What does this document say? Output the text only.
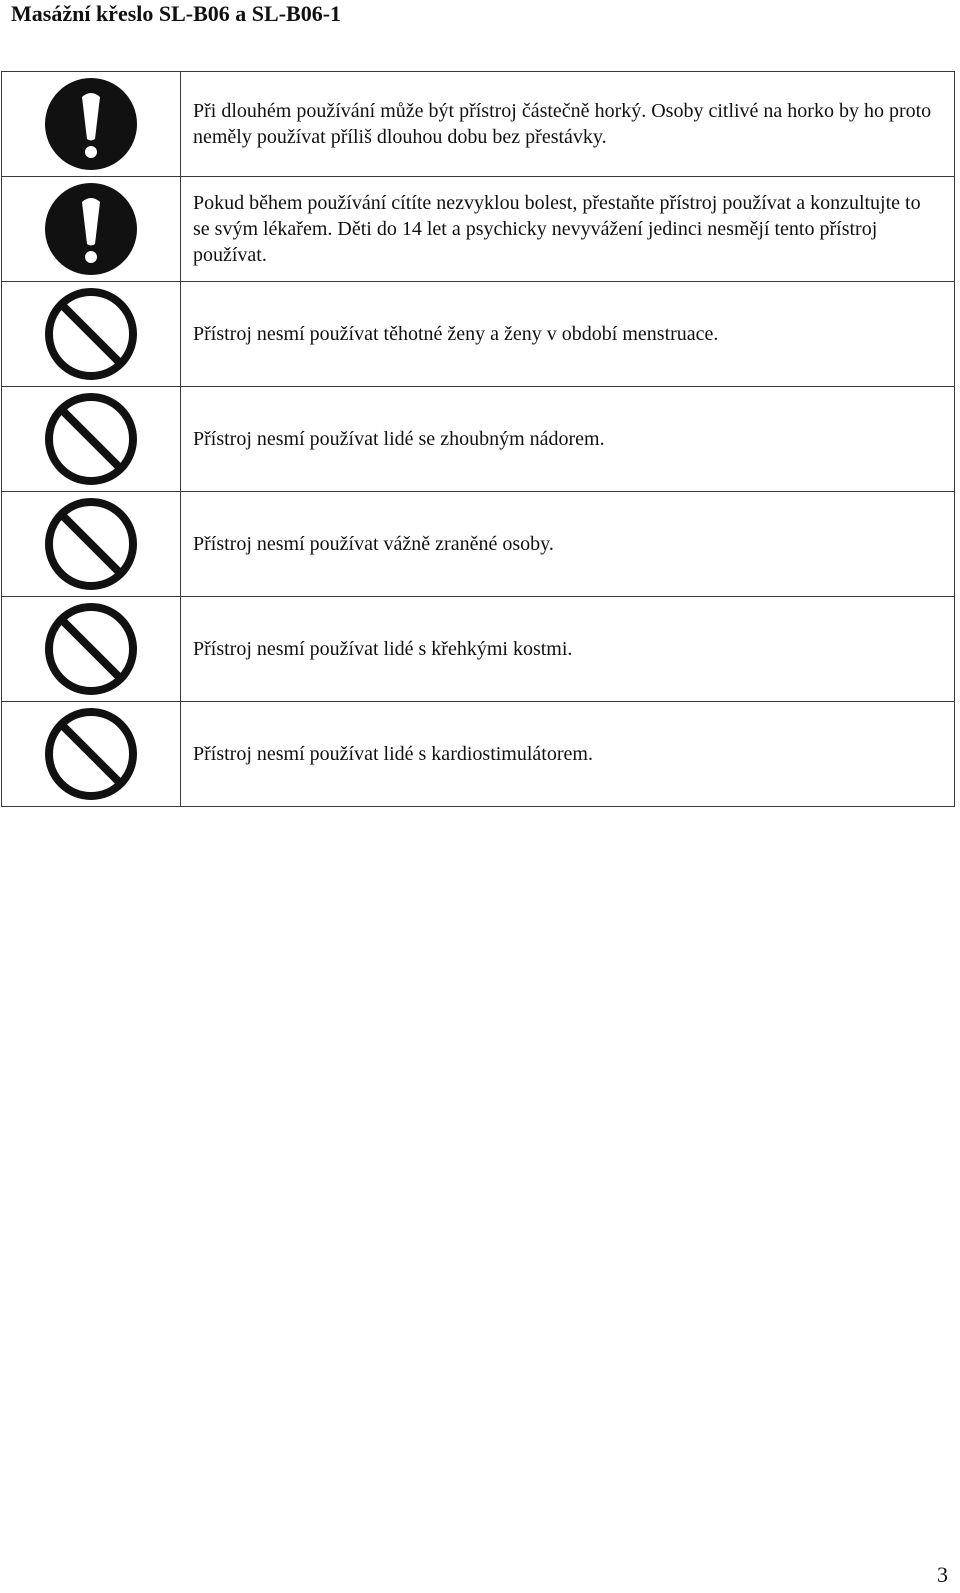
Masážní křeslo SL-B06 a SL-B06-1
	Při dlouhém používání může být přístroj částečně horký. Osoby citlivé na horko by ho proto neměly používat příliš dlouhou dobu bez přestávky.

	Pokud během používání cítíte nezvyklou bolest, přestaňte přístroj používat a konzultujte to se svým lékařem. Děti do 14 let a psychicky nevyvážení jedinci nesmějí tento přístroj používat.

	Přístroj nesmí používat těhotné ženy a ženy v období menstruace.

	Přístroj nesmí používat lidé se zhoubným nádorem.

	Přístroj nesmí používat vážně zraněné osoby.

	Přístroj nesmí používat lidé s křehkými kostmi.

	Přístroj nesmí používat lidé s kardiostimulátorem.
3
